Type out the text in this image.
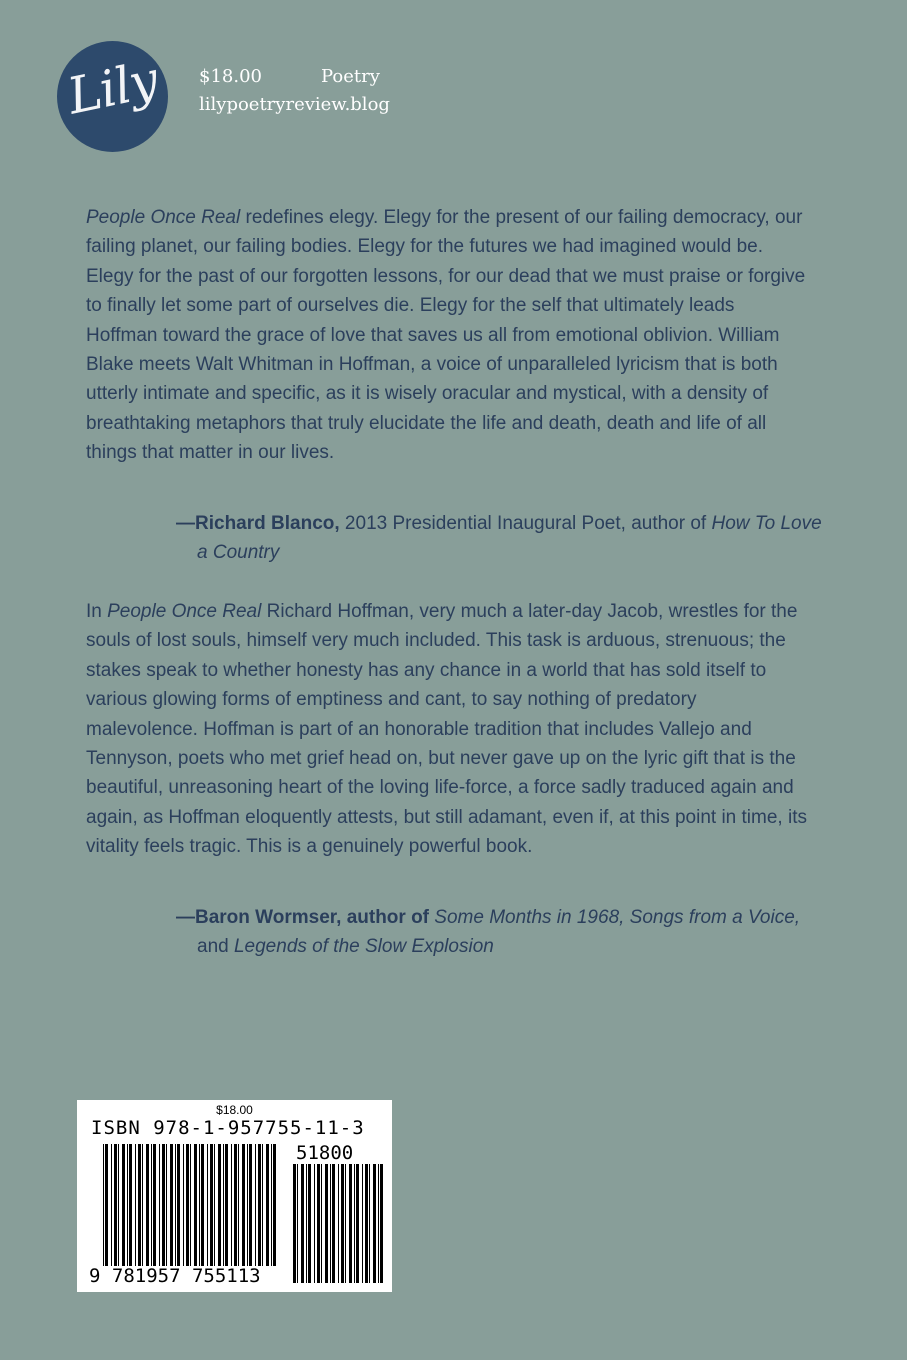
Lily	$18.00	Poetry
lilypoetryreview.blog

People Once Real redefines elegy. Elegy for the present of our failing democracy, our failing planet, our failing bodies. Elegy for the futures we had imagined would be. Elegy for the past of our forgotten lessons, for our dead that we must praise or forgive to finally let some part of ourselves die. Elegy for the self that ultimately leads Hoffman toward the grace of love that saves us all from emotional oblivion. William Blake meets Walt Whitman in Hoffman, a voice of unparalleled lyricism that is both utterly intimate and specific, as it is wisely oracular and mystical, with a density of breathtaking metaphors that truly elucidate the life and death, death and life of all things that matter in our lives.

—Richard Blanco, 2013 Presidential Inaugural Poet, author of How To Love a Country

In People Once Real Richard Hoffman, very much a later-day Jacob, wrestles for the souls of lost souls, himself very much included. This task is arduous, strenuous; the stakes speak to whether honesty has any chance in a world that has sold itself to various glowing forms of emptiness and cant, to say nothing of predatory malevolence. Hoffman is part of an honorable tradition that includes Vallejo and Tennyson, poets who met grief head on, but never gave up on the lyric gift that is the beautiful, unreasoning heart of the loving life-force, a force sadly traduced again and again, as Hoffman eloquently attests, but still adamant, even if, at this point in time, its vitality feels tragic. This is a genuinely powerful book.

—Baron Wormser, author of Some Months in 1968, Songs from a Voice, and Legends of the Slow Explosion

$18.00
ISBN 978-1-957755-11-3
51800
9 781957 755113
